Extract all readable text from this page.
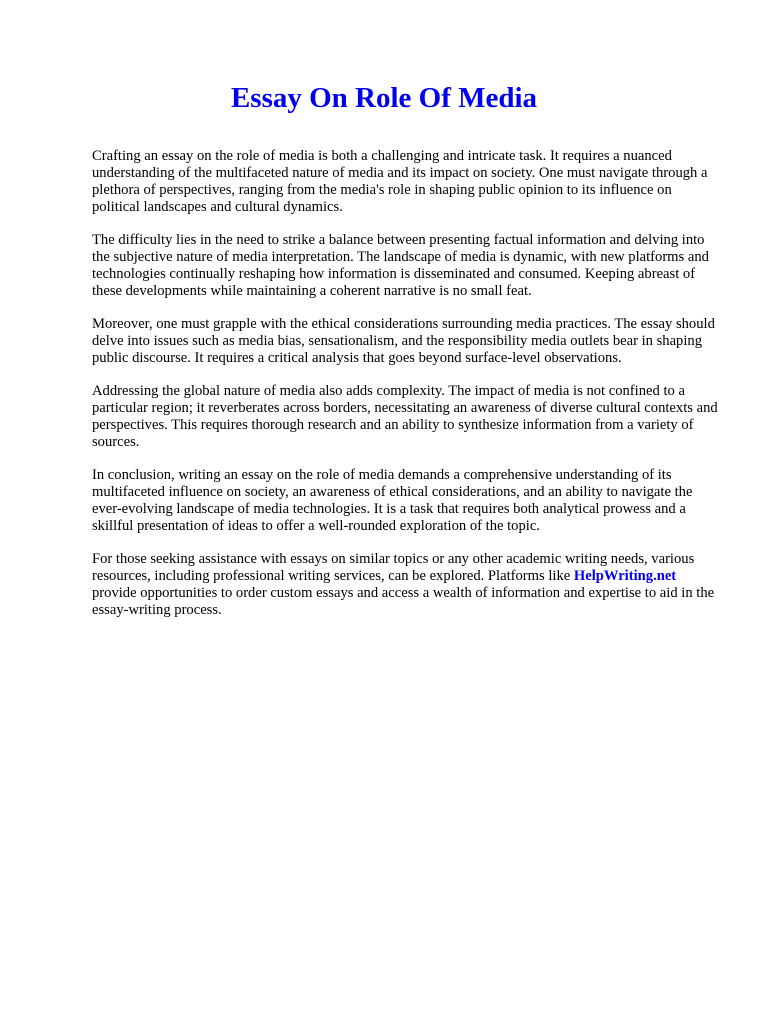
Essay On Role Of Media

Crafting an essay on the role of media is both a challenging and intricate task. It requires a nuanced understanding of the multifaceted nature of media and its impact on society. One must navigate through a plethora of perspectives, ranging from the media's role in shaping public opinion to its influence on political landscapes and cultural dynamics.

The difficulty lies in the need to strike a balance between presenting factual information and delving into the subjective nature of media interpretation. The landscape of media is dynamic, with new platforms and technologies continually reshaping how information is disseminated and consumed. Keeping abreast of these developments while maintaining a coherent narrative is no small feat.

Moreover, one must grapple with the ethical considerations surrounding media practices. The essay should delve into issues such as media bias, sensationalism, and the responsibility media outlets bear in shaping public discourse. It requires a critical analysis that goes beyond surface-level observations.

Addressing the global nature of media also adds complexity. The impact of media is not confined to a particular region; it reverberates across borders, necessitating an awareness of diverse cultural contexts and perspectives. This requires thorough research and an ability to synthesize information from a variety of sources.

In conclusion, writing an essay on the role of media demands a comprehensive understanding of its multifaceted influence on society, an awareness of ethical considerations, and an ability to navigate the ever-evolving landscape of media technologies. It is a task that requires both analytical prowess and a skillful presentation of ideas to offer a well-rounded exploration of the topic.

For those seeking assistance with essays on similar topics or any other academic writing needs, various resources, including professional writing services, can be explored. Platforms like HelpWriting.net provide opportunities to order custom essays and access a wealth of information and expertise to aid in the essay-writing process.
